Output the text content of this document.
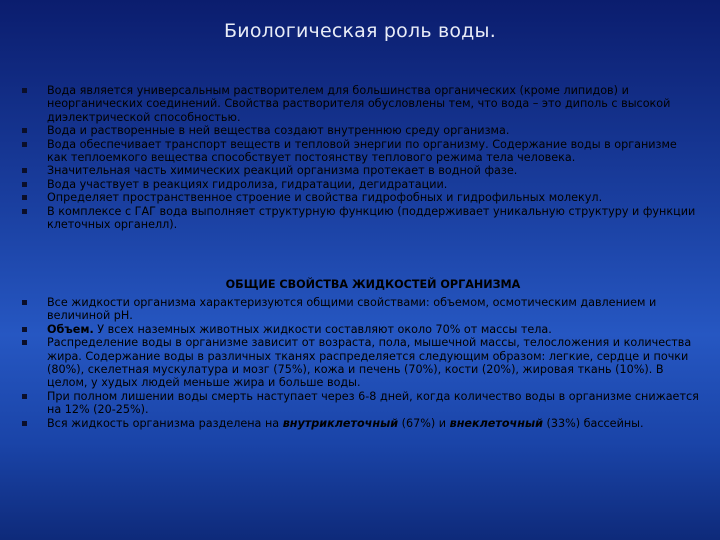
Биологическая роль воды.
Вода является универсальным растворителем для большинства органических (кроме липидов) и неорганических соединений. Свойства растворителя обусловлены тем, что вода – это диполь с высокой диэлектрической способностью.
Вода и растворенные в ней вещества создают внутреннюю среду организма.
Вода обеспечивает транспорт веществ и тепловой энергии по организму. Содержание воды в организме как теплоемкого вещества способствует постоянству теплового режима тела человека.
Значительная часть химических реакций организма протекает в водной фазе.
Вода участвует в реакциях гидролиза, гидратации, дегидратации.
Определяет пространственное строение и свойства гидрофобных и гидрофильных молекул.
В комплексе с ГАГ вода выполняет структурную функцию (поддерживает уникальную структуру и функции клеточных органелл).
ОБЩИЕ СВОЙСТВА ЖИДКОСТЕЙ ОРГАНИЗМА
Все жидкости организма характеризуются общими свойствами: объемом, осмотическим давлением и величиной рН.
Объем. У всех наземных животных жидкости составляют около 70% от массы тела.
Распределение воды в организме зависит от возраста, пола, мышечной массы, телосложения и количества жира. Содержание воды в различных тканях распределяется следующим образом: легкие, сердце и почки (80%), скелетная мускулатура и мозг (75%), кожа и печень (70%), кости (20%), жировая ткань (10%). В целом, у худых людей меньше жира и больше воды.
При полном лишении воды смерть наступает через 6-8 дней, когда количество воды в организме снижается на 12% (20-25%).
Вся жидкость организма разделена на внутриклеточный (67%) и внеклеточный (33%) бассейны.
